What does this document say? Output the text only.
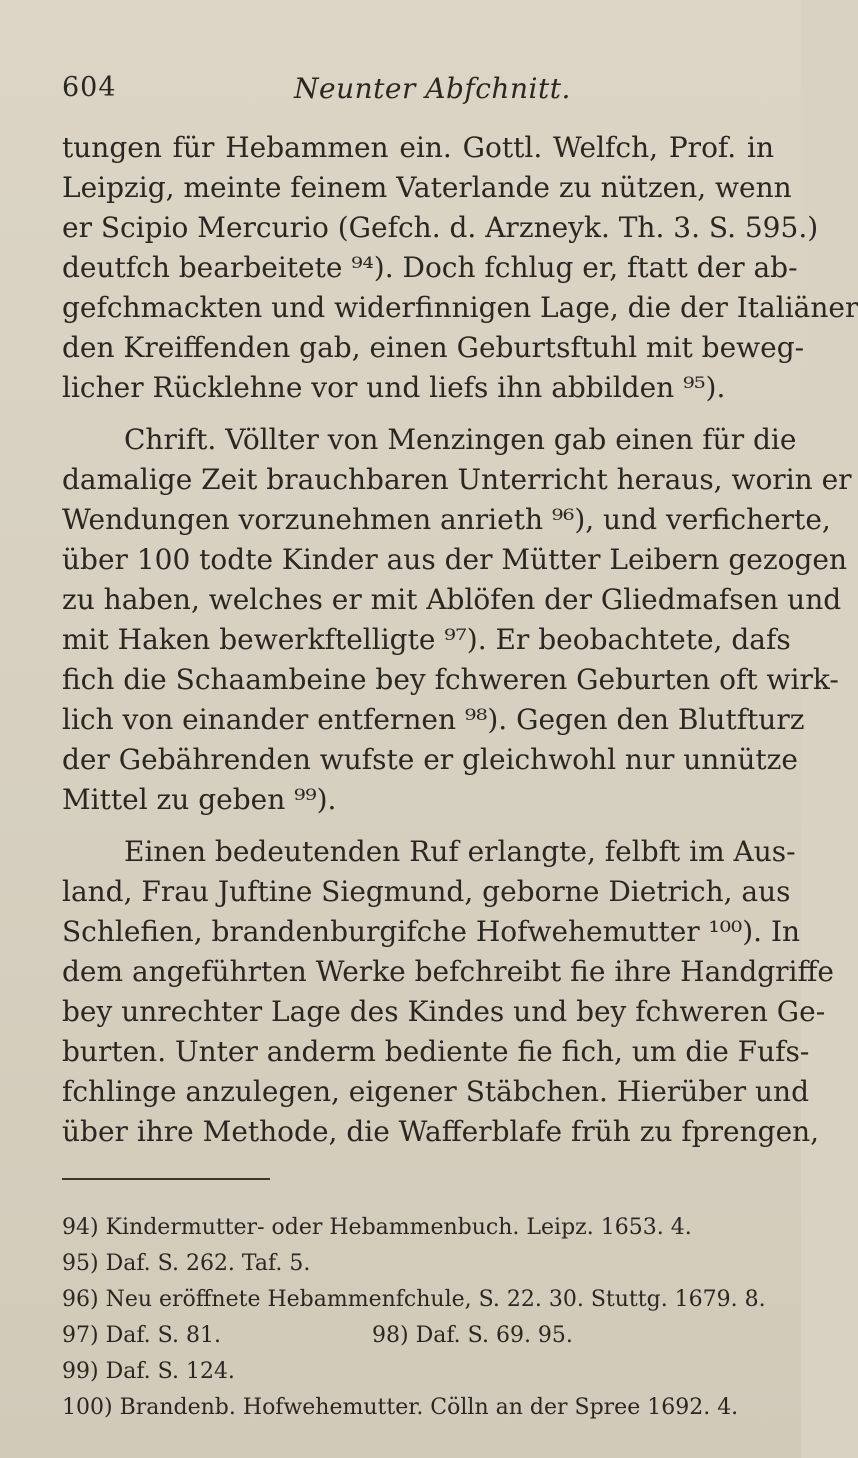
604	Neunter Abfchnitt.
tungen für Hebammen ein. Gottl. Welfch, Prof. in
Leipzig, meinte feinem Vaterlande zu nützen, wenn
er Scipio Mercurio (Gefch. d. Arzneyk. Th. 3. S. 595.)
deutfch bearbeitete ⁹⁴). Doch fchlug er, ftatt der ab-
gefchmackten und widerfinnigen Lage, die der Italiäner
den Kreiffenden gab, einen Geburtsftuhl mit beweg-
licher Rücklehne vor und liefs ihn abbilden ⁹⁵).
Chrift. Völlter von Menzingen gab einen für die
damalige Zeit brauchbaren Unterricht heraus, worin er
Wendungen vorzunehmen anrieth ⁹⁶), und verficherte,
über 100 todte Kinder aus der Mütter Leibern gezogen
zu haben, welches er mit Ablöfen der Gliedmafsen und
mit Haken bewerkftelligte ⁹⁷). Er beobachtete, dafs
fich die Schaambeine bey fchweren Geburten oft wirk-
lich von einander entfernen ⁹⁸). Gegen den Blutfturz
der Gebährenden wufste er gleichwohl nur unnütze
Mittel zu geben ⁹⁹).
Einen bedeutenden Ruf erlangte, felbft im Aus-
land, Frau Juftine Siegmund, geborne Dietrich, aus
Schlefien, brandenburgifche Hofwehemutter ¹⁰⁰). In
dem angeführten Werke befchreibt fie ihre Handgriffe
bey unrechter Lage des Kindes und bey fchweren Ge-
burten. Unter anderm bediente fie fich, um die Fufs-
fchlinge anzulegen, eigener Stäbchen. Hierüber und
über ihre Methode, die Wafferblafe früh zu fprengen,
94) Kindermutter- oder Hebammenbuch. Leipz. 1653. 4.
95) Daf. S. 262. Taf. 5.
96) Neu eröffnete Hebammenfchule, S. 22. 30. Stuttg. 1679. 8.
97) Daf. S. 81.	98) Daf. S. 69. 95.
99) Daf. S. 124.
100) Brandenb. Hofwehemutter. Cölln an der Spree 1692. 4.
